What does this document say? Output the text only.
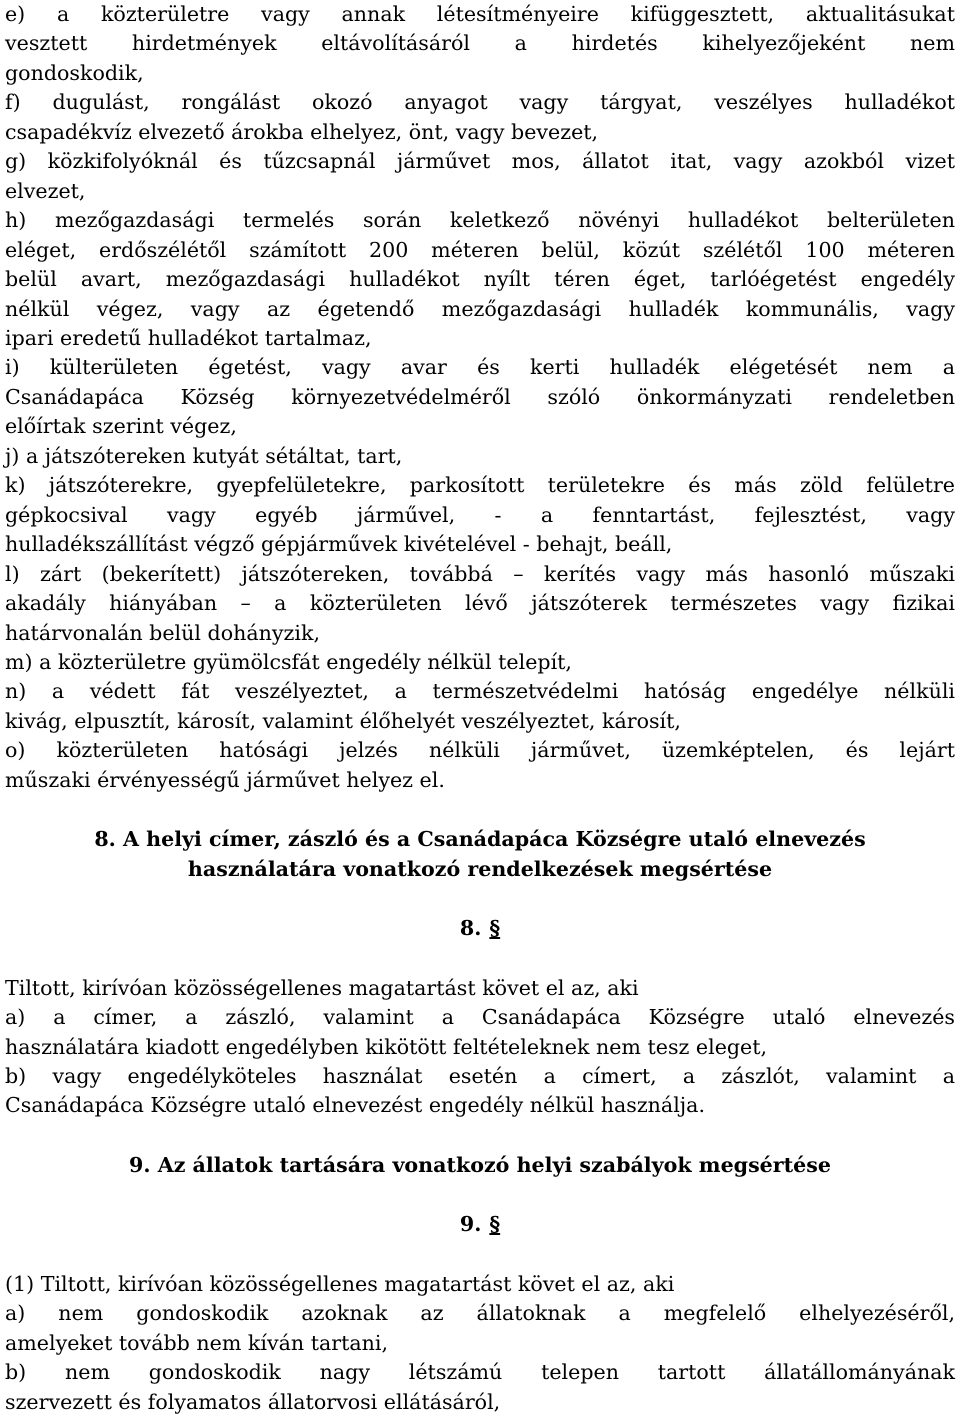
e) a közterületre vagy annak létesítményeire kifüggesztett, aktualitásukat

vesztett hirdetmények eltávolításáról a hirdetés kihelyezőjeként nem

gondoskodik,

f) dugulást, rongálást okozó anyagot vagy tárgyat, veszélyes hulladékot

csapadékvíz elvezető árokba elhelyez, önt, vagy bevezet,

g) közkifolyóknál és tűzcsapnál járművet mos, állatot itat, vagy azokból vizet

elvezet,

h) mezőgazdasági termelés során keletkező növényi hulladékot belterületen

eléget, erdőszélétől számított 200 méteren belül, közút szélétől 100 méteren

belül avart, mezőgazdasági hulladékot nyílt téren éget, tarlóégetést engedély

nélkül végez, vagy az égetendő mezőgazdasági hulladék kommunális, vagy

ipari eredetű hulladékot tartalmaz,

i) külterületen égetést, vagy avar és kerti hulladék elégetését nem a

Csanádapáca Község környezetvédelméről szóló önkormányzati rendeletben

előírtak szerint végez,

j) a játszótereken kutyát sétáltat, tart,

k) játszóterekre, gyepfelületekre, parkosított területekre és más zöld felületre

gépkocsival vagy egyéb járművel, - a fenntartást, fejlesztést, vagy

hulladékszállítást végző gépjárművek kivételével - behajt, beáll,

l) zárt (bekerített) játszótereken, továbbá – kerítés vagy más hasonló műszaki

akadály hiányában – a közterületen lévő játszóterek természetes vagy fizikai

határvonalán belül dohányzik,

m) a közterületre gyümölcsfát engedély nélkül telepít,

n) a védett fát veszélyeztet, a természetvédelmi hatóság engedélye nélküli

kivág, elpusztít, károsít, valamint élőhelyét veszélyeztet, károsít,

o) közterületen hatósági jelzés nélküli járművet, üzemképtelen, és lejárt

műszaki érvényességű járművet helyez el.

8. A helyi címer, zászló és a Csanádapáca Községre utaló elnevezés

használatára vonatkozó rendelkezések megsértése

8. §

Tiltott, kirívóan közösségellenes magatartást követ el az, aki

a) a címer, a zászló, valamint a Csanádapáca Községre utaló elnevezés

használatára kiadott engedélyben kikötött feltételeknek nem tesz eleget,

b) vagy engedélyköteles használat esetén a címert, a zászlót, valamint a

Csanádapáca Községre utaló elnevezést engedély nélkül használja.

9. Az állatok tartására vonatkozó helyi szabályok megsértése

9. §

(1) Tiltott, kirívóan közösségellenes magatartást követ el az, aki

a) nem gondoskodik azoknak az állatoknak a megfelelő elhelyezéséről,

amelyeket tovább nem kíván tartani,

b) nem gondoskodik nagy létszámú telepen tartott állatállományának

szervezett és folyamatos állatorvosi ellátásáról,
